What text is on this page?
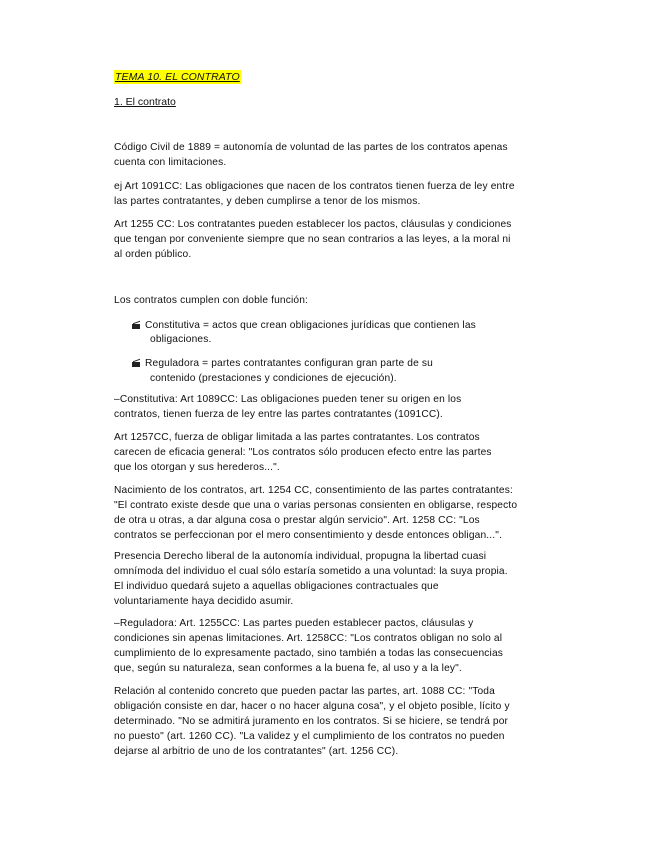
TEMA 10. EL CONTRATO
1. El contrato
Código Civil de 1889 = autonomía de voluntad de las partes de los contratos apenas
cuenta con limitaciones.
ej Art 1091CC: Las obligaciones que nacen de los contratos tienen fuerza de ley entre
las partes contratantes, y deben cumplirse a tenor de los mismos.
Art 1255 CC: Los contratantes pueden establecer los pactos, cláusulas y condiciones
que tengan por conveniente siempre que no sean contrarios a las leyes, a la moral ni
al orden público.
Los contratos cumplen con doble función:
Constitutiva = actos que crean obligaciones jurídicas que contienen las
obligaciones.
Reguladora = partes contratantes configuran gran parte de su
contenido (prestaciones y condiciones de ejecución).
–Constitutiva: Art 1089CC: Las obligaciones pueden tener su origen en los
contratos, tienen fuerza de ley entre las partes contratantes (1091CC).
Art 1257CC, fuerza de obligar limitada a las partes contratantes. Los contratos
carecen de eficacia general: "Los contratos sólo producen efecto entre las partes
que los otorgan y sus herederos...".
Nacimiento de los contratos, art. 1254 CC, consentimiento de las partes contratantes:
"El contrato existe desde que una o varias personas consienten en obligarse, respecto
de otra u otras, a dar alguna cosa o prestar algún servicio". Art. 1258 CC: "Los
contratos se perfeccionan por el mero consentimiento y desde entonces obligan...".
Presencia Derecho liberal de la autonomía individual, propugna la libertad cuasi
omnímoda del individuo el cual sólo estaría sometido a una voluntad: la suya propia.
El individuo quedará sujeto a aquellas obligaciones contractuales que
voluntariamente haya decidido asumir.
–Reguladora: Art. 1255CC: Las partes pueden establecer pactos, cláusulas y
condiciones sin apenas limitaciones. Art. 1258CC: "Los contratos obligan no solo al
cumplimiento de lo expresamente pactado, sino también a todas las consecuencias
que, según su naturaleza, sean conformes a la buena fe, al uso y a la ley".
Relación al contenido concreto que pueden pactar las partes, art. 1088 CC: "Toda
obligación consiste en dar, hacer o no hacer alguna cosa", y el objeto posible, lícito y
determinado. "No se admitirá juramento en los contratos. Si se hiciere, se tendrá por
no puesto" (art. 1260 CC). "La validez y el cumplimiento de los contratos no pueden
dejarse al arbitrio de uno de los contratantes" (art. 1256 CC).
